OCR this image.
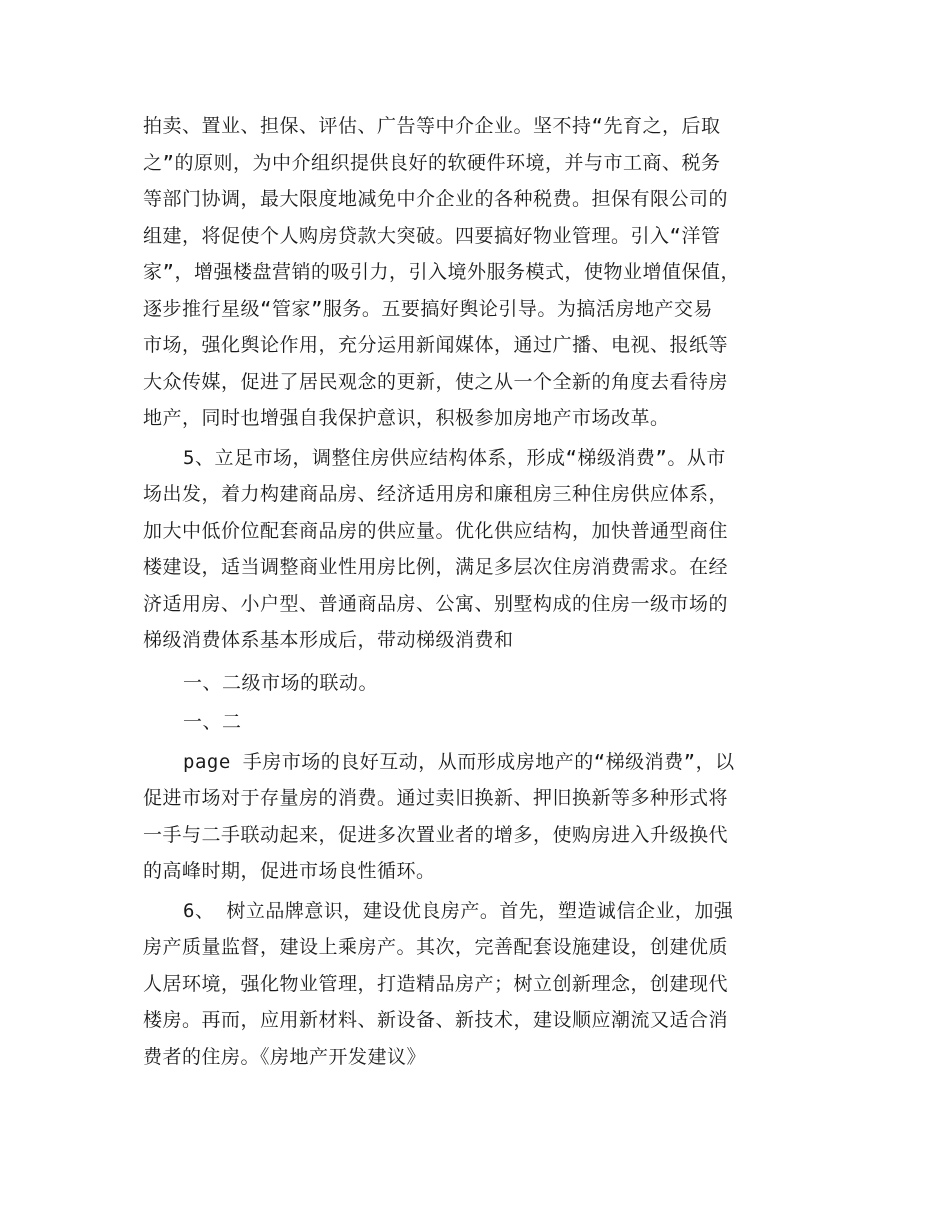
拍卖、置业、担保、评估、广告等中介企业。坚不持“先育之，后取
之”的原则，为中介组织提供良好的软硬件环境，并与市工商、税务
等部门协调，最大限度地减免中介企业的各种税费。担保有限公司的
组建，将促使个人购房贷款大突破。四要搞好物业管理。引入“洋管
家”，增强楼盘营销的吸引力，引入境外服务模式，使物业增值保值，
逐步推行星级“管家”服务。五要搞好舆论引导。为搞活房地产交易
市场，强化舆论作用，充分运用新闻媒体，通过广播、电视、报纸等
大众传媒，促进了居民观念的更新，使之从一个全新的角度去看待房
地产，同时也增强自我保护意识，积极参加房地产市场改革。

5、立足市场，调整住房供应结构体系，形成“梯级消费”。从市
场出发，着力构建商品房、经济适用房和廉租房三种住房供应体系，
加大中低价位配套商品房的供应量。优化供应结构，加快普通型商住
楼建设，适当调整商业性用房比例，满足多层次住房消费需求。在经
济适用房、小户型、普通商品房、公寓、别墅构成的住房一级市场的
梯级消费体系基本形成后，带动梯级消费和

一、二级市场的联动。

一、二

page 手房市场的良好互动，从而形成房地产的“梯级消费”，以
促进市场对于存量房的消费。通过卖旧换新、押旧换新等多种形式将
一手与二手联动起来，促进多次置业者的增多，使购房进入升级换代
的高峰时期，促进市场良性循环。

6、 树立品牌意识，建设优良房产。首先，塑造诚信企业，加强
房产质量监督，建设上乘房产。其次，完善配套设施建设，创建优质
人居环境，强化物业管理，打造精品房产；树立创新理念，创建现代
楼房。再而，应用新材料、新设备、新技术，建设顺应潮流又适合消
费者的住房。《房地产开发建议》
